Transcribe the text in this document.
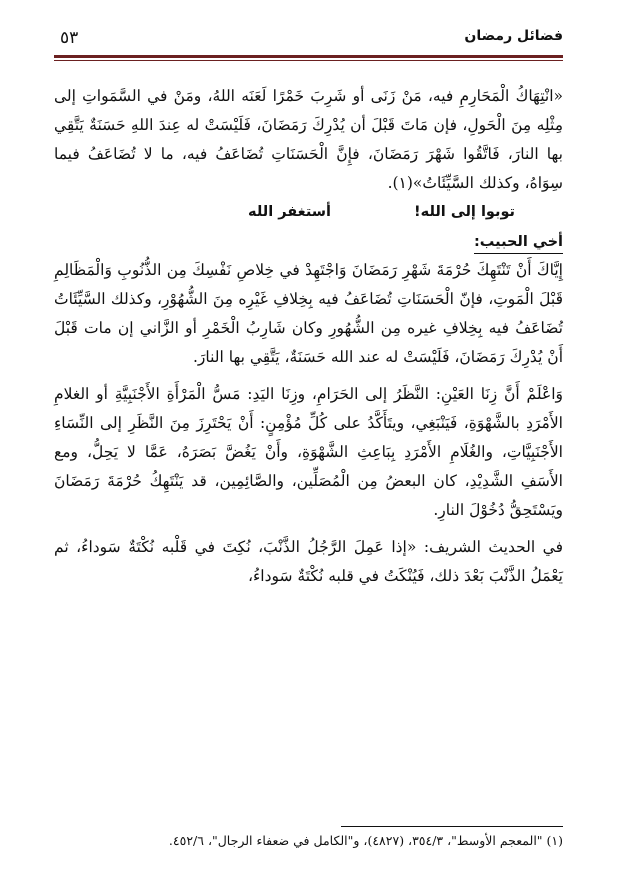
فضائل رمضان
٥٣

«انْتِهَاكُ الْمَحَارِمِ فيه، مَنْ زَنَى أو شَرِبَ خَمْرًا لَعَنَه اللهُ، ومَنْ في السَّمَواتِ إلى مِثْلِه مِنَ الْحَولِ، فإن مَاتَ قَبْلَ أن يُدْرِكَ رَمَضَانَ، فَلَيْسَتْ له عِندَ اللهِ حَسَنَةٌ يَتَّقِي بها النارَ، فَاتَّقُوا شَهْرَ رَمَضَانَ، فإِنَّ الْحَسَنَاتِ تُضَاعَفُ فيه، ما لا تُضَاعَفُ فيما سِوَاهُ، وكذلك السَّيِّئَاتُ»(١).

توبوا إلى الله!
أستغفر الله
أخي الحبيب:

إِيَّاكَ أَنْ تَنْتَهِكَ حُرْمَةَ شَهْرِ رَمَضَانَ وَاجْتَهِدْ في خِلاصِ نَفْسِكَ مِن الذُّنُوبِ وَالْمَظَالِمِ قَبْلَ الْمَوتِ، فإنّ الْحَسَنَاتِ تُضَاعَفُ فيه بِخِلافِ غَيْرِه مِنَ الشُّهُوْرِ، وكذلك السَّيِّئَاتُ تُضَاعَفُ فيه بِخِلافِ غيره مِن الشُّهُورِ وكان شَارِبُ الْخَمْرِ أو الزَّاني إن مات قَبْلَ أَنْ يُدْرِكَ رَمَضَانَ، فَلَيْسَتْ له عند الله حَسَنَةٌ، يَتَّقِي بها النارَ.

وَاعْلَمْ أَنَّ زِنَا العَيْنِ: النَّظَرُ إلى الحَرَامِ، وزِنَا اليَدِ: مَسُّ الْمَرْأَةِ الأَجْنَبِيَّةِ أو الغلامِ الأَمْرَدِ بالشَّهْوَةِ، فَيَنْبَغِي، ويتَأَكَّدُ على كُلِّ مُؤْمِنٍ: أَنْ يَحْتَرِزَ مِنَ النَّظَرِ إلى النِّسَاءِ الأَجْنَبِيَّاتِ، والغُلَامِ الأَمْرَدِ بِبَاعِثِ الشَّهْوَةِ، وأَنْ يَغُضَّ بَصَرَهُ، عَمَّا لا يَحِلُّ، ومع الأَسَفِ الشَّدِيْدِ، كان البعضُ مِن الْمُصَلِّين، والصَّائِمِين، قد يَنْتَهِكُ حُرْمَةَ رَمَضَانَ ويَسْتَحِقُّ دُخُوْلَ النارِ.

في الحديث الشريف: «إذا عَمِلَ الرَّجُلُ الذَّنْبَ، نُكِتَ في قَلْبه نُكْتَةٌ سَوداءُ، ثم يَعْمَلُ الذَّنْبَ بَعْدَ ذلك، فَيُنْكَتُ في قلبه نُكْتَةٌ سَوداءُ،

(١) "المعجم الأوسط"، ٣٥٤/٣، (٤٨٢٧)، و"الكامل في ضعفاء الرجال"، ٤٥٢/٦.
